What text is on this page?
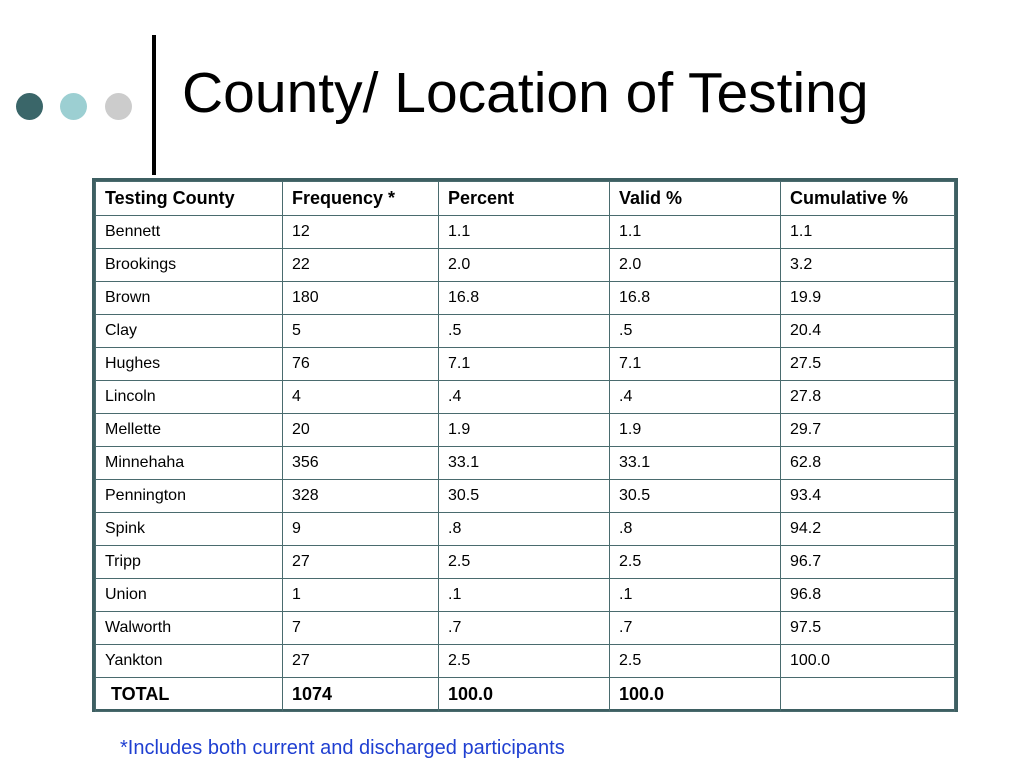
County/ Location of Testing
Testing County	Frequency *	Percent	Valid %	Cumulative %
Bennett	12	1.1	1.1	1.1
Brookings	22	2.0	2.0	3.2
Brown	180	16.8	16.8	19.9
Clay	5	.5	.5	20.4
Hughes	76	7.1	7.1	27.5
Lincoln	4	.4	.4	27.8
Mellette	20	1.9	1.9	29.7
Minnehaha	356	33.1	33.1	62.8
Pennington	328	30.5	30.5	93.4
Spink	9	.8	.8	94.2
Tripp	27	2.5	2.5	96.7
Union	1	.1	.1	96.8
Walworth	7	.7	.7	97.5
Yankton	27	2.5	2.5	100.0
TOTAL	1074	100.0	100.0	
*Includes both current and discharged participants
